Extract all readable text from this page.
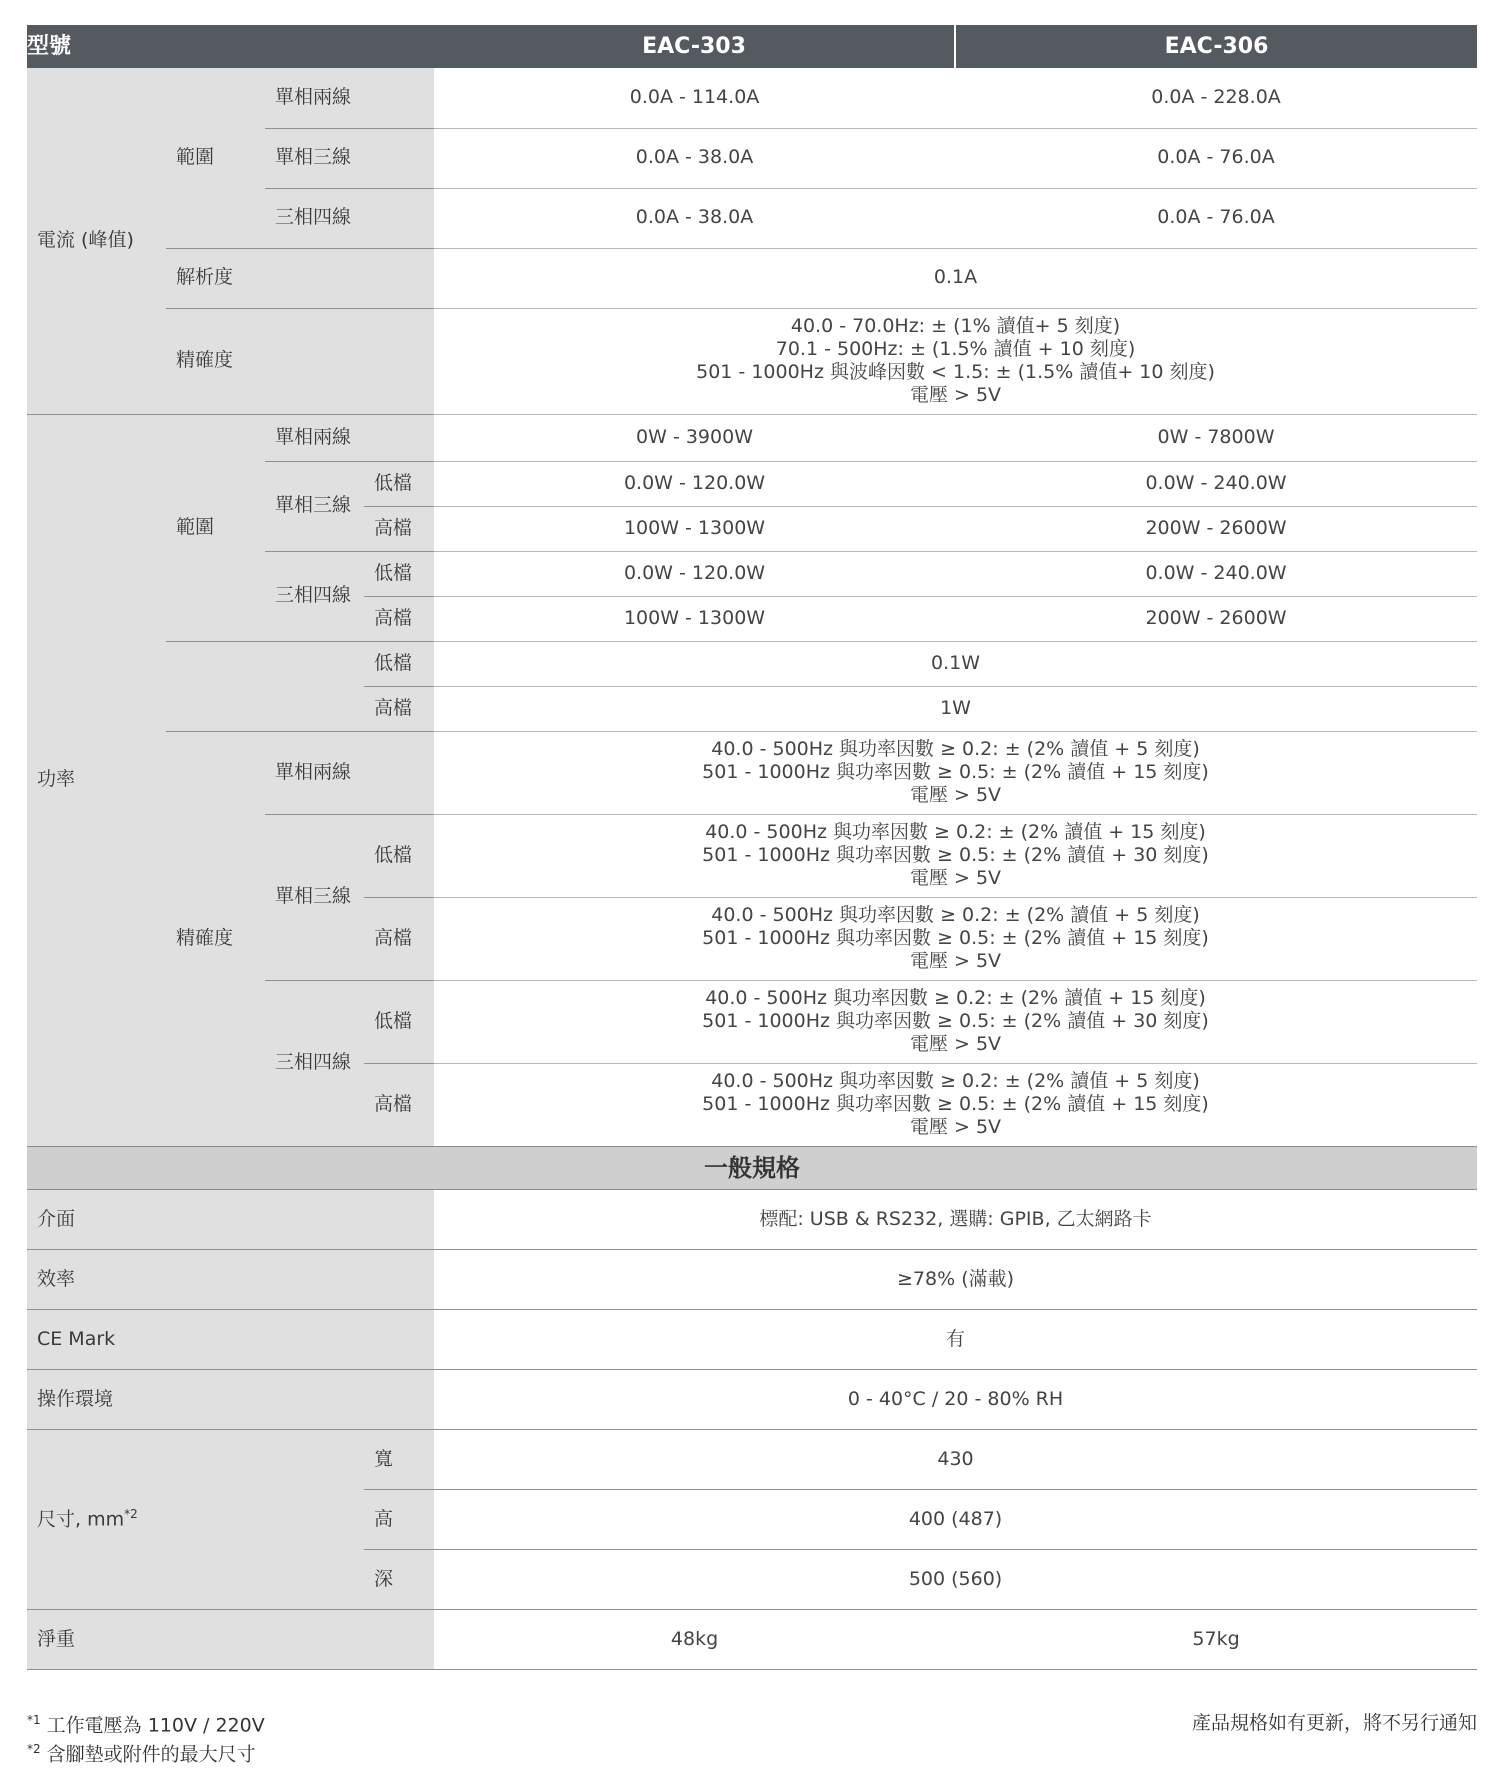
型號				EAC-303	EAC-306
電流 (峰值)	範圍	單相兩線		0.0A - 114.0A	0.0A - 228.0A
		單相三線		0.0A - 38.0A	0.0A - 76.0A
		三相四線		0.0A - 38.0A	0.0A - 76.0A
	解析度			0.1A	
	精確度			40.0 - 70.0Hz: ± (1% 讀值+ 5 刻度)
70.1 - 500Hz: ± (1.5% 讀值 + 10 刻度)
501 - 1000Hz 與波峰因數 < 1.5: ± (1.5% 讀值+ 10 刻度)
電壓 > 5V	

功率	範圍	單相兩線		0W - 3900W	0W - 7800W
		單相三線	低檔	0.0W - 120.0W	0.0W - 240.0W
			高檔	100W - 1300W	200W - 2600W
		三相四線	低檔	0.0W - 120.0W	0.0W - 240.0W
			高檔	100W - 1300W	200W - 2600W
			低檔	0.1W	
			高檔	1W	
	精確度	單相兩線		40.0 - 500Hz 與功率因數 ≥ 0.2: ± (2% 讀值 + 5 刻度)
501 - 1000Hz 與功率因數 ≥ 0.5: ± (2% 讀值 + 15 刻度)
電壓 > 5V	

		單相三線	低檔	40.0 - 500Hz 與功率因數 ≥ 0.2: ± (2% 讀值 + 15 刻度)
501 - 1000Hz 與功率因數 ≥ 0.5: ± (2% 讀值 + 30 刻度)
電壓 > 5V	

			高檔	40.0 - 500Hz 與功率因數 ≥ 0.2: ± (2% 讀值 + 5 刻度)
501 - 1000Hz 與功率因數 ≥ 0.5: ± (2% 讀值 + 15 刻度)
電壓 > 5V	

		三相四線	低檔	40.0 - 500Hz 與功率因數 ≥ 0.2: ± (2% 讀值 + 15 刻度)
501 - 1000Hz 與功率因數 ≥ 0.5: ± (2% 讀值 + 30 刻度)
電壓 > 5V	

			高檔	40.0 - 500Hz 與功率因數 ≥ 0.2: ± (2% 讀值 + 5 刻度)
501 - 1000Hz 與功率因數 ≥ 0.5: ± (2% 讀值 + 15 刻度)
電壓 > 5V	

一般規格					
介面				標配: USB & RS232, 選購: GPIB, 乙太網路卡	
效率				≥78% (滿載)	
CE Mark				有	
操作環境				0 - 40°C / 20 - 80% RH	
尺寸, $mm^{*2}$			寬	430	
			高	400 (487)	
			深	500 (560)	
淨重				48kg	57kg
$^{*1}$ 工作電壓為 110V / 220V
$^{*2}$ 含腳墊或附件的最大尺寸
產品規格如有更新，將不另行通知
